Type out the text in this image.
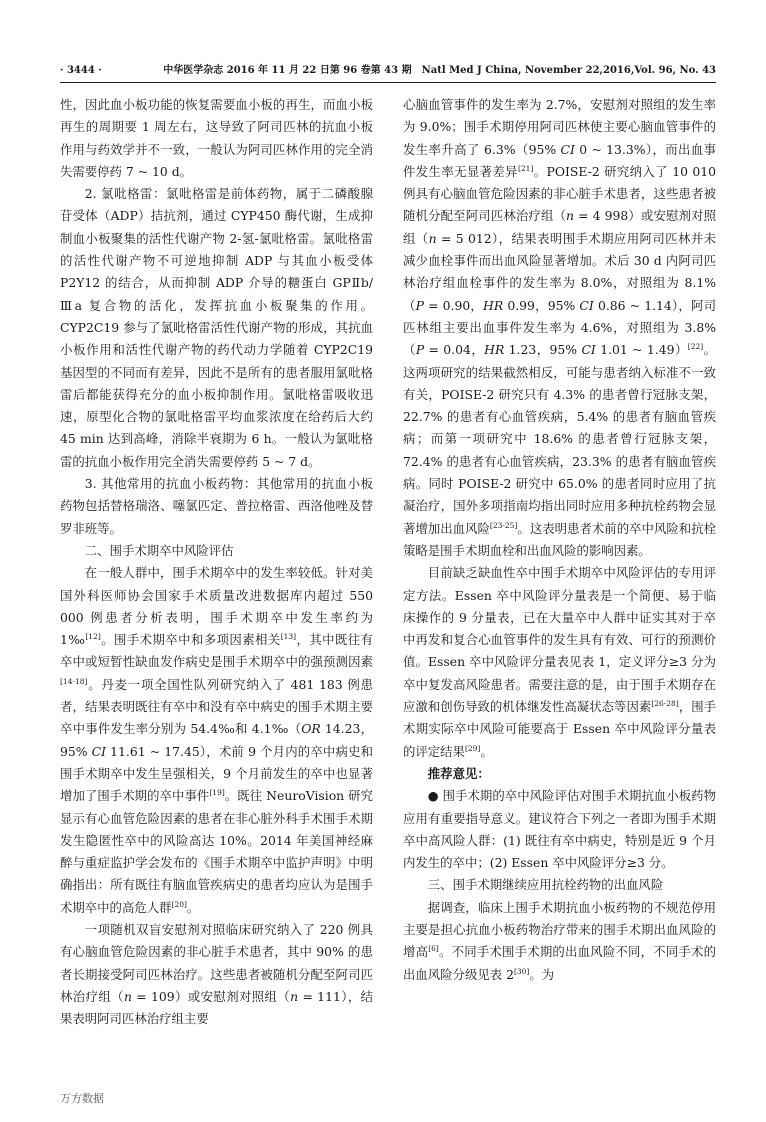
· 3444 ·	中华医学杂志 2016 年 11 月 22 日第 96 卷第 43 期　Natl Med J China, November 22,2016,Vol. 96, No. 43

性，因此血小板功能的恢复需要血小板的再生，而血小板再生的周期要 1 周左右，这导致了阿司匹林的抗血小板作用与药效学并不一致，一般认为阿司匹林作用的完全消失需要停药 7 ~ 10 d。

2. 氯吡格雷：氯吡格雷是前体药物，属于二磷酸腺苷受体（ADP）拮抗剂，通过 CYP450 酶代谢，生成抑制血小板聚集的活性代谢产物 2-氢-氯吡格雷。氯吡格雷的活性代谢产物不可逆地抑制 ADP 与其血小板受体 P2Y12 的结合，从而抑制 ADP 介导的糖蛋白 GPⅡb/Ⅲa 复合物的活化，发挥抗血小板聚集的作用。CYP2C19 参与了氯吡格雷活性代谢产物的形成，其抗血小板作用和活性代谢产物的药代动力学随着 CYP2C19 基因型的不同而有差异，因此不是所有的患者服用氯吡格雷后都能获得充分的血小板抑制作用。氯吡格雷吸收迅速，原型化合物的氯吡格雷平均血浆浓度在给药后大约 45 min 达到高峰，消除半衰期为 6 h。一般认为氯吡格雷的抗血小板作用完全消失需要停药 5 ~ 7 d。

3. 其他常用的抗血小板药物：其他常用的抗血小板药物包括替格瑞洛、噻氯匹定、普拉格雷、西洛他唑及替罗非班等。

二、围手术期卒中风险评估

在一般人群中，围手术期卒中的发生率较低。针对美国外科医师协会国家手术质量改进数据库内超过 550 000 例患者分析表明，围手术期卒中发生率约为 1‰[12]。围手术期卒中和多项因素相关[13]，其中既往有卒中或短暂性缺血发作病史是围手术期卒中的强预测因素[14-18]。丹麦一项全国性队列研究纳入了 481 183 例患者，结果表明既往有卒中和没有卒中病史的围手术期主要卒中事件发生率分别为 54.4‰和 4.1‰（OR 14.23，95% CI 11.61 ~ 17.45），术前 9 个月内的卒中病史和围手术期卒中发生呈强相关，9 个月前发生的卒中也显著增加了围手术期的卒中事件[19]。既往 NeuroVision 研究显示有心血管危险因素的患者在非心脏外科手术围手术期发生隐匿性卒中的风险高达 10%。2014 年美国神经麻醉与重症监护学会发布的《围手术期卒中监护声明》中明确指出：所有既往有脑血管疾病史的患者均应认为是围手术期卒中的高危人群[20]。

一项随机双盲安慰剂对照临床研究纳入了 220 例具有心脑血管危险因素的非心脏手术患者，其中 90% 的患者长期接受阿司匹林治疗。这些患者被随机分配至阿司匹林治疗组（n = 109）或安慰剂对照组（n = 111），结果表明阿司匹林治疗组主要

心脑血管事件的发生率为 2.7%，安慰剂对照组的发生率为 9.0%；围手术期停用阿司匹林使主要心脑血管事件的发生率升高了 6.3%（95% CI 0 ~ 13.3%），而出血事件发生率无显著差异[21]。POISE-2 研究纳入了 10 010 例具有心脑血管危险因素的非心脏手术患者，这些患者被随机分配至阿司匹林治疗组（n = 4 998）或安慰剂对照组（n = 5 012），结果表明围手术期应用阿司匹林并未减少血栓事件而出血风险显著增加。术后 30 d 内阿司匹林治疗组血栓事件的发生率为 8.0%，对照组为 8.1%（P = 0.90，HR 0.99，95% CI 0.86 ~ 1.14），阿司匹林组主要出血事件发生率为 4.6%，对照组为 3.8%（P = 0.04，HR 1.23，95% CI 1.01 ~ 1.49）[22]。这两项研究的结果截然相反，可能与患者纳入标准不一致有关，POISE-2 研究只有 4.3% 的患者曾行冠脉支架，22.7% 的患者有心血管疾病，5.4% 的患者有脑血管疾病；而第一项研究中 18.6% 的患者曾行冠脉支架，72.4% 的患者有心血管疾病，23.3% 的患者有脑血管疾病。同时 POISE-2 研究中 65.0% 的患者同时应用了抗凝治疗，国外多项指南均指出同时应用多种抗栓药物会显著增加出血风险[23-25]。这表明患者术前的卒中风险和抗栓策略是围手术期血栓和出血风险的影响因素。

目前缺乏缺血性卒中围手术期卒中风险评估的专用评定方法。Essen 卒中风险评分量表是一个简便、易于临床操作的 9 分量表，已在大量卒中人群中证实其对于卒中再发和复合心血管事件的发生具有有效、可行的预测价值。Essen 卒中风险评分量表见表 1，定义评分≥3 分为卒中复发高风险患者。需要注意的是，由于围手术期存在应激和创伤导致的机体继发性高凝状态等因素[26-28]，围手术期实际卒中风险可能要高于 Essen 卒中风险评分量表的评定结果[29]。

推荐意见：

● 围手术期的卒中风险评估对围手术期抗血小板药物应用有重要指导意义。建议符合下列之一者即为围手术期卒中高风险人群：(1) 既往有卒中病史，特别是近 9 个月内发生的卒中；(2) Essen 卒中风险评分≥3 分。

三、围手术期继续应用抗栓药物的出血风险

据调查，临床上围手术期抗血小板药物的不规范停用主要是担心抗血小板药物治疗带来的围手术期出血风险的增高[6]。不同手术围手术期的出血风险不同，不同手术的出血风险分级见表 2[30]。为

万方数据
